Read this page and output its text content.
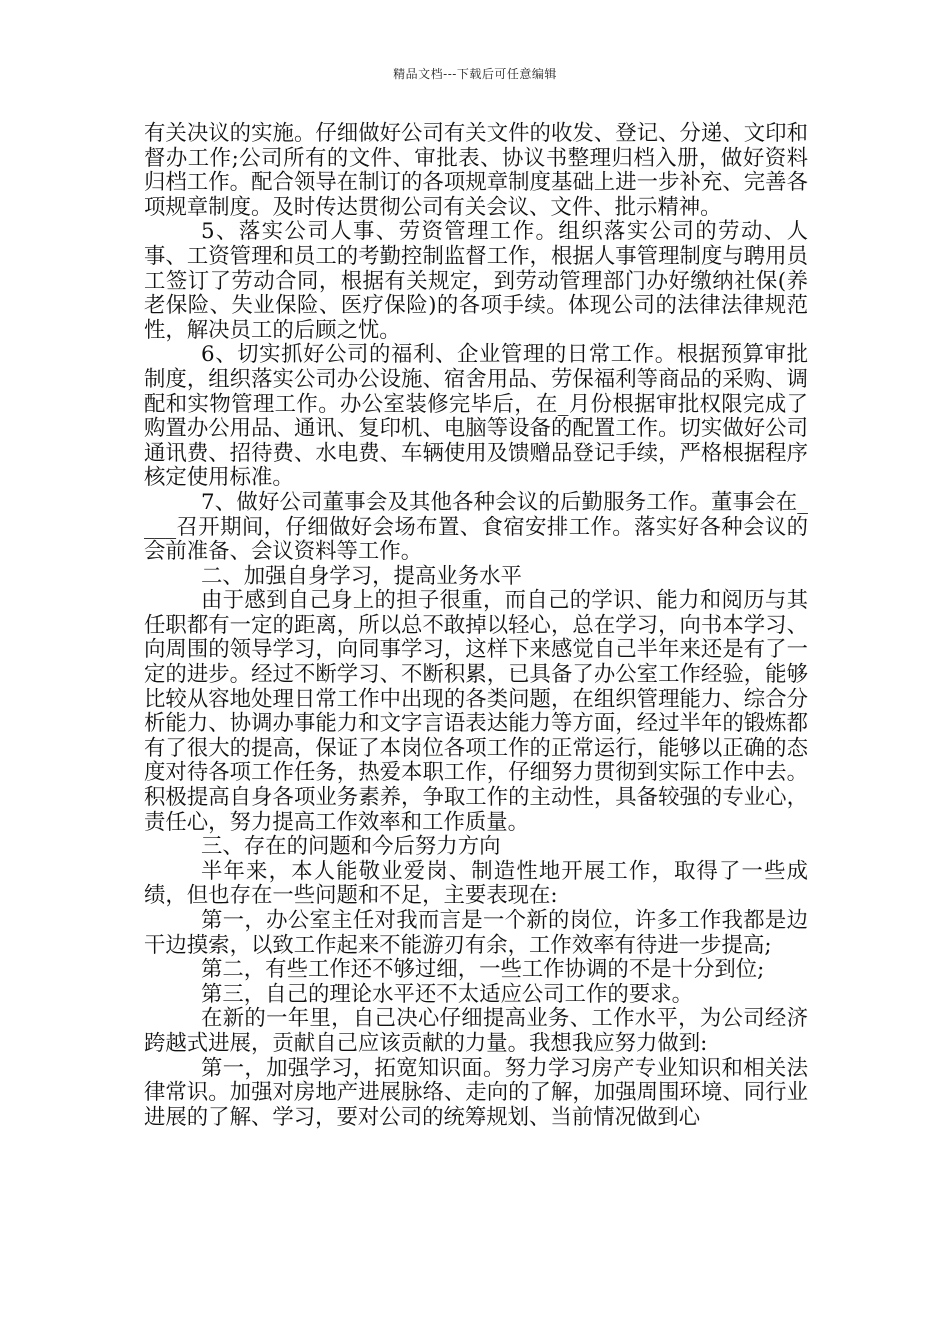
精品文档---下载后可任意编辑

有关决议的实施。仔细做好公司有关文件的收发、登记、分递、文印和督办工作;公司所有的文件、审批表、协议书整理归档入册，做好资料归档工作。配合领导在制订的各项规章制度基础上进一步补充、完善各项规章制度。及时传达贯彻公司有关会议、文件、批示精神。

5、落实公司人事、劳资管理工作。组织落实公司的劳动、人事、工资管理和员工的考勤控制监督工作，根据人事管理制度与聘用员工签订了劳动合同，根据有关规定，到劳动管理部门办好缴纳社保(养老保险、失业保险、医疗保险)的各项手续。体现公司的法律法律规范性，解决员工的后顾之忧。

6、切实抓好公司的福利、企业管理的日常工作。根据预算审批制度，组织落实公司办公设施、宿舍用品、劳保福利等商品的采购、调配和实物管理工作。办公室装修完毕后，在_月份根据审批权限完成了购置办公用品、通讯、复印机、电脑等设备的配置工作。切实做好公司通讯费、招待费、水电费、车辆使用及馈赠品登记手续，严格根据程序核定使用标准。

7、做好公司董事会及其他各种会议的后勤服务工作。董事会在____召开期间，仔细做好会场布置、食宿安排工作。落实好各种会议的会前准备、会议资料等工作。

二、加强自身学习，提高业务水平

由于感到自己身上的担子很重，而自己的学识、能力和阅历与其任职都有一定的距离，所以总不敢掉以轻心，总在学习，向书本学习、向周围的领导学习，向同事学习，这样下来感觉自己半年来还是有了一定的进步。经过不断学习、不断积累，已具备了办公室工作经验，能够比较从容地处理日常工作中出现的各类问题，在组织管理能力、综合分析能力、协调办事能力和文字言语表达能力等方面，经过半年的锻炼都有了很大的提高，保证了本岗位各项工作的正常运行，能够以正确的态度对待各项工作任务，热爱本职工作，仔细努力贯彻到实际工作中去。积极提高自身各项业务素养，争取工作的主动性，具备较强的专业心，责任心，努力提高工作效率和工作质量。

三、存在的问题和今后努力方向

半年来，本人能敬业爱岗、制造性地开展工作，取得了一些成绩，但也存在一些问题和不足，主要表现在:

第一，办公室主任对我而言是一个新的岗位，许多工作我都是边干边摸索，以致工作起来不能游刃有余，工作效率有待进一步提高;

第二，有些工作还不够过细，一些工作协调的不是十分到位;

第三，自己的理论水平还不太适应公司工作的要求。

在新的一年里，自己决心仔细提高业务、工作水平，为公司经济跨越式进展，贡献自己应该贡献的力量。我想我应努力做到:

第一，加强学习，拓宽知识面。努力学习房产专业知识和相关法律常识。加强对房地产进展脉络、走向的了解，加强周围环境、同行业进展的了解、学习，要对公司的统筹规划、当前情况做到心
